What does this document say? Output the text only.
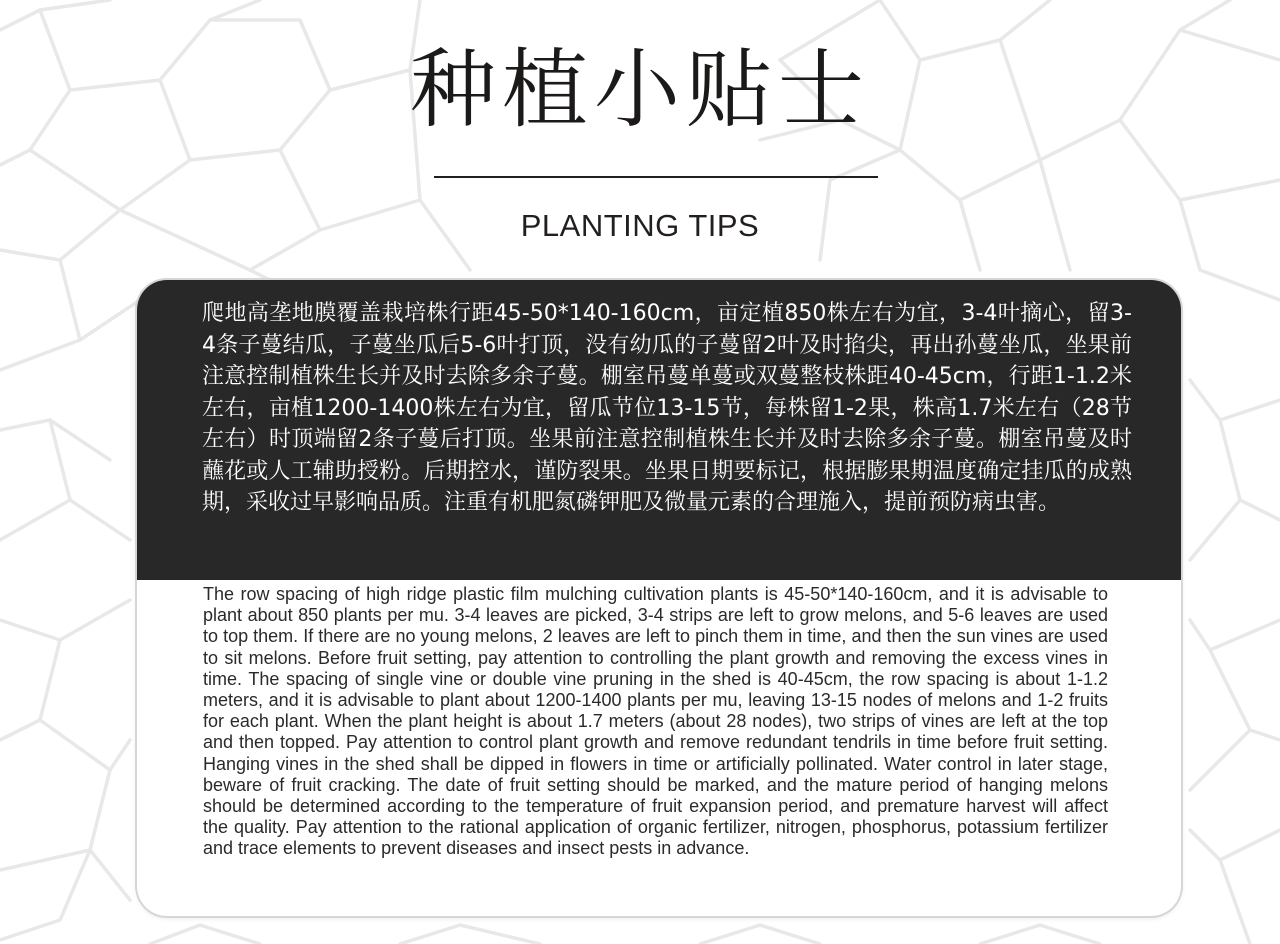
种植小贴士
PLANTING TIPS

爬地高垄地膜覆盖栽培株行距45-50*140-160cm，亩定植850株左右为宜，3-4叶摘心，留3-4条子蔓结瓜，子蔓坐瓜后5-6叶打顶，没有幼瓜的子蔓留2叶及时掐尖，再出孙蔓坐瓜，坐果前注意控制植株生长并及时去除多余子蔓。棚室吊蔓单蔓或双蔓整枝株距40-45cm，行距1-1.2米左右，亩植1200-1400株左右为宜，留瓜节位13-15节，每株留1-2果，株高1.7米左右（28节左右）时顶端留2条子蔓后打顶。坐果前注意控制植株生长并及时去除多余子蔓。棚室吊蔓及时蘸花或人工辅助授粉。后期控水，谨防裂果。坐果日期要标记，根据膨果期温度确定挂瓜的成熟期，采收过早影响品质。注重有机肥氮磷钾肥及微量元素的合理施入，提前预防病虫害。

The row spacing of high ridge plastic film mulching cultivation plants is 45-50*140-160cm, and it is advisable to plant about 850 plants per mu. 3-4 leaves are picked, 3-4 strips are left to grow melons, and 5-6 leaves are used to top them. If there are no young melons, 2 leaves are left to pinch them in time, and then the sun vines are used to sit melons. Before fruit setting, pay attention to controlling the plant growth and removing the excess vines in time. The spacing of single vine or double vine pruning in the shed is 40-45cm, the row spacing is about 1-1.2 meters, and it is advisable to plant about 1200-1400 plants per mu, leaving 13-15 nodes of melons and 1-2 fruits for each plant. When the plant height is about 1.7 meters (about 28 nodes), two strips of vines are left at the top and then topped. Pay attention to control plant growth and remove redundant tendrils in time before fruit setting. Hanging vines in the shed shall be dipped in flowers in time or artificially pollinated. Water control in later stage, beware of fruit cracking. The date of fruit setting should be marked, and the mature period of hanging melons should be determined according to the temperature of fruit expansion period, and premature harvest will affect the quality. Pay attention to the rational application of organic fertilizer, nitrogen, phosphorus, potassium fertilizer and trace elements to prevent diseases and insect pests in advance.
